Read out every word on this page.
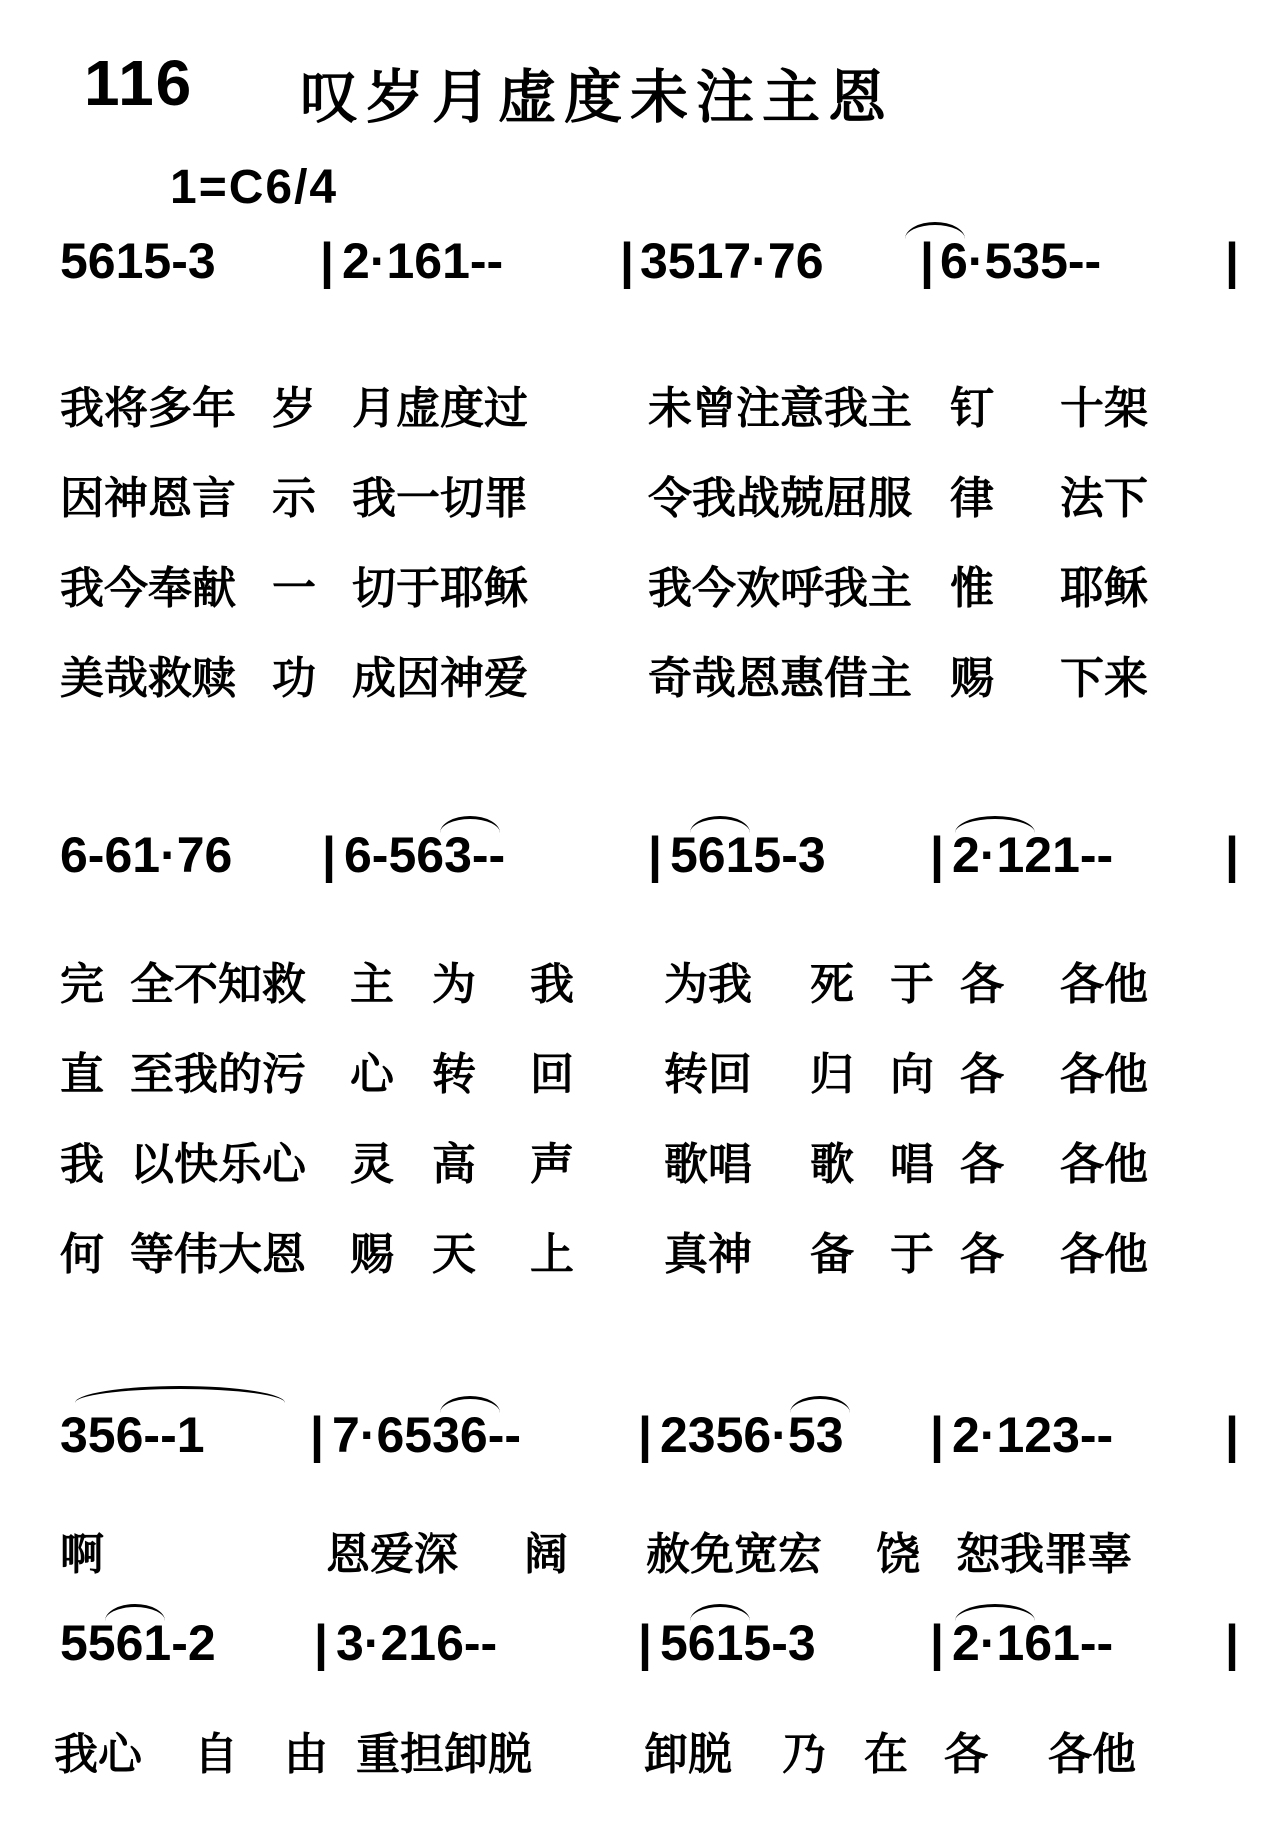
116 叹岁月虚度未注主恩
1=C6/4
5615-3 | 2·161-- | 3517·76 | 6·535-- |
我将多年 岁 月虚度过	未曾注意我主 钉 十架
因神恩言 示 我一切罪	令我战兢屈服 律 法下
我今奉献 一 切于耶稣	我今欢呼我主 惟 耶稣
美哉救赎 功 成因神爱	奇哉恩惠借主 赐 下来
6-61·76 | 6-563--	| 5615-3 | 2·121-- |
完 全不知救 主 为 我 为我 死 于 各 各他
直 至我的污 心 转 回 转回 归 向 各 各他
我 以快乐心 灵 高 声 歌唱 歌 唱 各 各他
何 等伟大恩 赐 天 上 真神 备 于 各 各他
356--1 | 7·6536-- | 2356·53 | 2·123-- |
啊	恩爱深 阔 赦免宽宏 饶 恕我罪辜
5561-2 | 3·216--	| 5615-3 | 2·161-- |
我心 自 由 重担卸脱	卸脱 乃 在 各 各他
